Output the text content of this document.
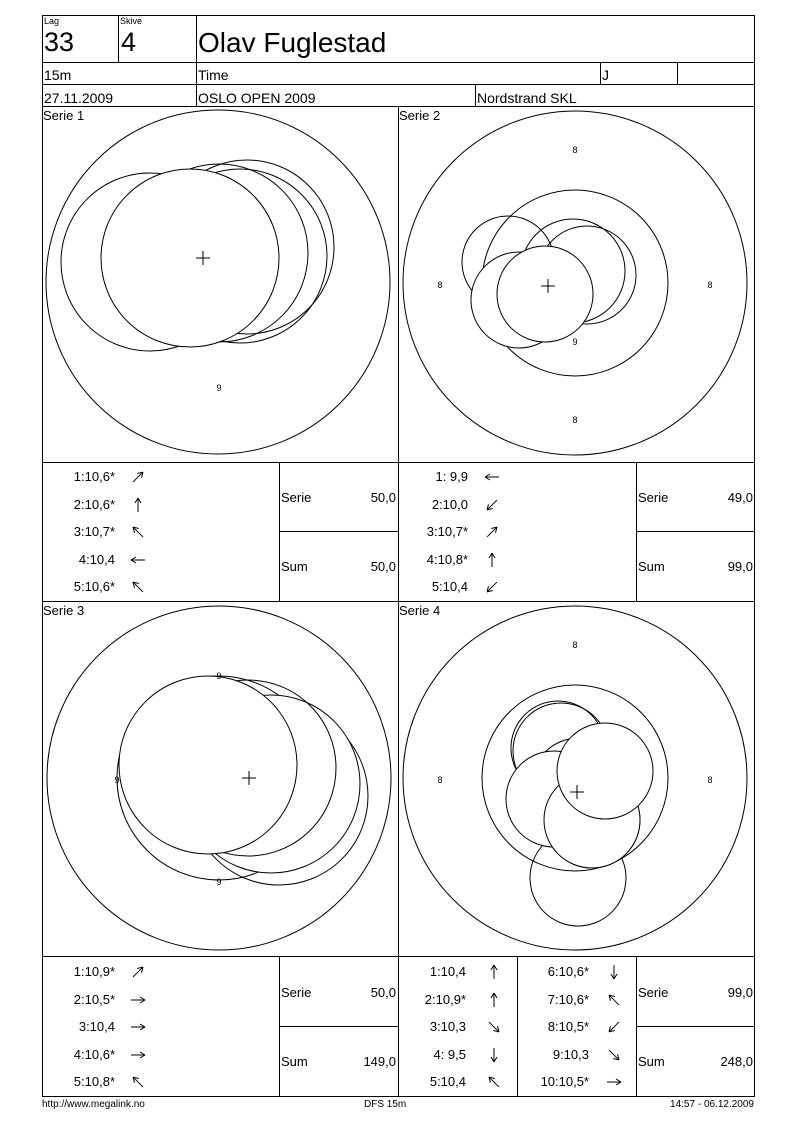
Lag
33
Skive
4 Olav Fuglestad
15m	Time	J
27.11.2009	OSLO OPEN 2009	Nordstrand SKL
Serie 1	Serie 2
Serie 3	Serie 4
9
8
8	8
8
9
9
9
9
8
8	8
1:10,6*
2:10,6*
3:10,7*
4:10,4
5:10,6*
1: 9,9
2:10,0
3:10,7*
4:10,8*
5:10,4
1:10,9*
2:10,5*
3:10,4
4:10,6*
5:10,8*
1:10,4
2:10,9*
3:10,3
4: 9,5
5:10,4
6:10,6*
7:10,6*
8:10,5*
9:10,3
10:10,5*
Serie	50,0
Sum	50,0
Serie	49,0
Sum	99,0
Serie	50,0
Sum	149,0
Serie	99,0
Sum	248,0
http://www.megalink.no	DFS 15m	14:57 - 06.12.2009
